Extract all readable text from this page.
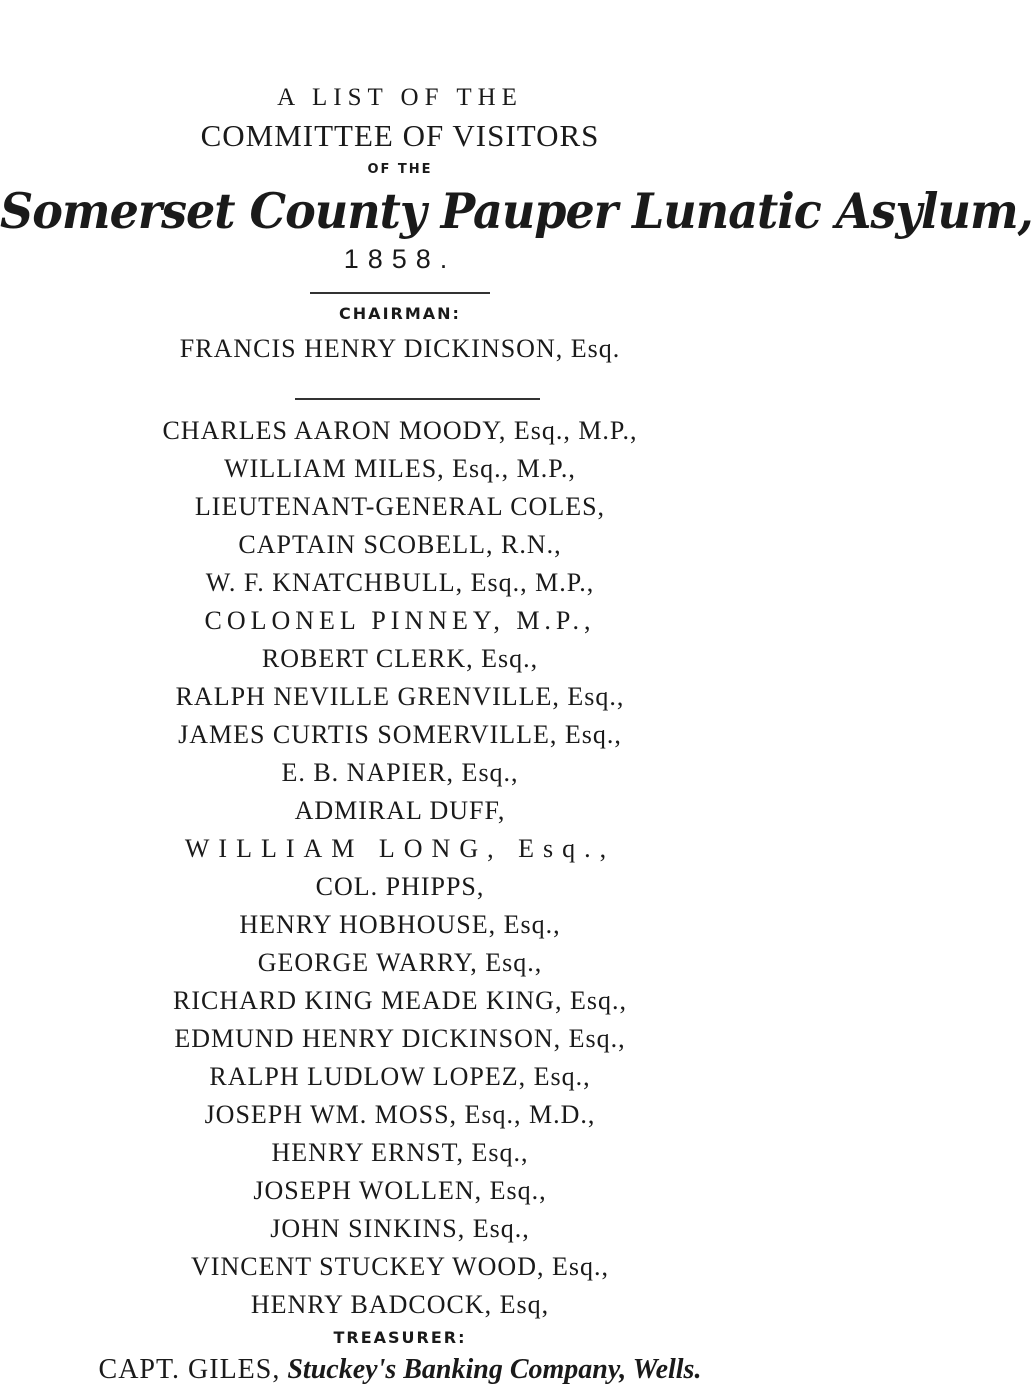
A LIST OF THE
COMMITTEE OF VISITORS
OF THE
Somerset County Pauper Lunatic Asylum,
1858.
CHAIRMAN:
FRANCIS HENRY DICKINSON, Esq.
CHARLES AARON MOODY, Esq., M.P.,
WILLIAM MILES, Esq., M.P.,
LIEUTENANT-GENERAL COLES,
CAPTAIN SCOBELL, R.N.,
W. F. KNATCHBULL, Esq., M.P.,
COLONEL PINNEY, M.P.,
ROBERT CLERK, Esq.,
RALPH NEVILLE GRENVILLE, Esq.,
JAMES CURTIS SOMERVILLE, Esq.,
E. B. NAPIER, Esq.,
ADMIRAL DUFF,
WILLIAM LONG, Esq.,
COL. PHIPPS,
HENRY HOBHOUSE, Esq.,
GEORGE WARRY, Esq.,
RICHARD KING MEADE KING, Esq.,
EDMUND HENRY DICKINSON, Esq.,
RALPH LUDLOW LOPEZ, Esq.,
JOSEPH WM. MOSS, Esq., M.D.,
HENRY ERNST, Esq.,
JOSEPH WOLLEN, Esq.,
JOHN SINKINS, Esq.,
VINCENT STUCKEY WOOD, Esq.,
HENRY BADCOCK, Esq,
TREASURER:
CAPT. GILES, Stuckey's Banking Company, Wells.
